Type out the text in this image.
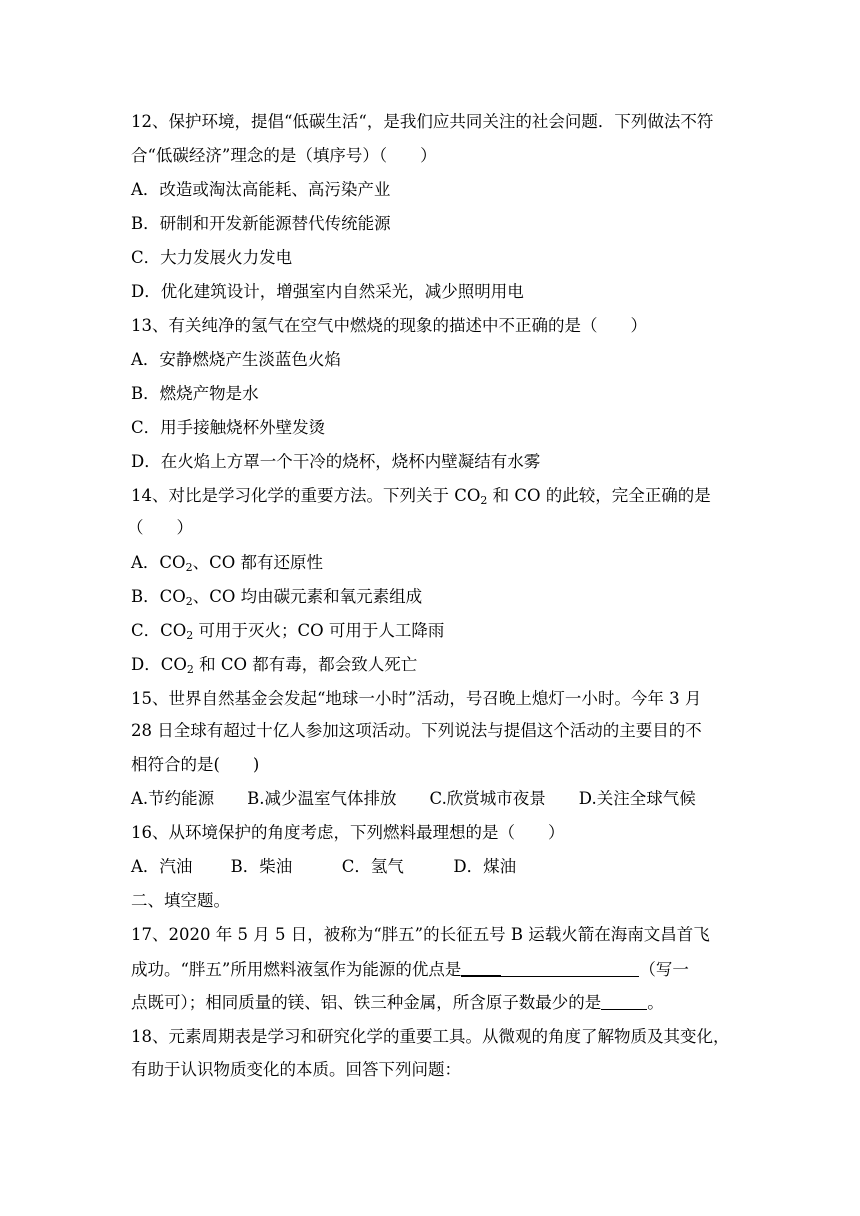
12、保护环境，提倡“低碳生活“，是我们应共同关注的社会问题．下列做法不符
合“低碳经济”理念的是（填序号）（　　）
A．改造或淘汰高能耗、高污染产业
B．研制和开发新能源替代传统能源
C．大力发展火力发电
D．优化建筑设计，增强室内自然采光，减少照明用电
13、有关纯净的氢气在空气中燃烧的现象的描述中不正确的是（　　）
A．安静燃烧产生淡蓝色火焰
B．燃烧产物是水
C．用手接触烧杯外壁发烫
D．在火焰上方罩一个干冷的烧杯，烧杯内壁凝结有水雾
14、对比是学习化学的重要方法。下列关于 $CO_2$ 和 CO 的此较，完全正确的是
（　　）
A．$CO_2$、CO 都有还原性
B．$CO_2$、CO 均由碳元素和氧元素组成
C．$CO_2$ 可用于灭火；CO 可用于人工降雨
D．$CO_2$ 和 CO 都有毒，都会致人死亡
15、世界自然基金会发起“地球一小时”活动，号召晚上熄灯一小时。今年 3 月
28 日全球有超过十亿人参加这项活动。下列说法与提倡这个活动的主要目的不
相符合的是(　　)
A.节约能源　　B.减少温室气体排放　　C.欣赏城市夜景　　D.关注全球气候
16、从环境保护的角度考虑，下列燃料最理想的是（　　）
A．汽油　　 B．柴油　　　C．氢气　　　D．煤油
二、填空题。
17、2020 年 5 月 5 日，被称为“胖五”的长征五号 B 运载火箭在海南文昌首飞
成功。“胖五”所用燃料液氢作为能源的优点是	（写一
点既可）；相同质量的镁、铝、铁三种金属，所含原子数最少的是	。
18、元素周期表是学习和研究化学的重要工具。从微观的角度了解物质及其变化，
有助于认识物质变化的本质。回答下列问题：
